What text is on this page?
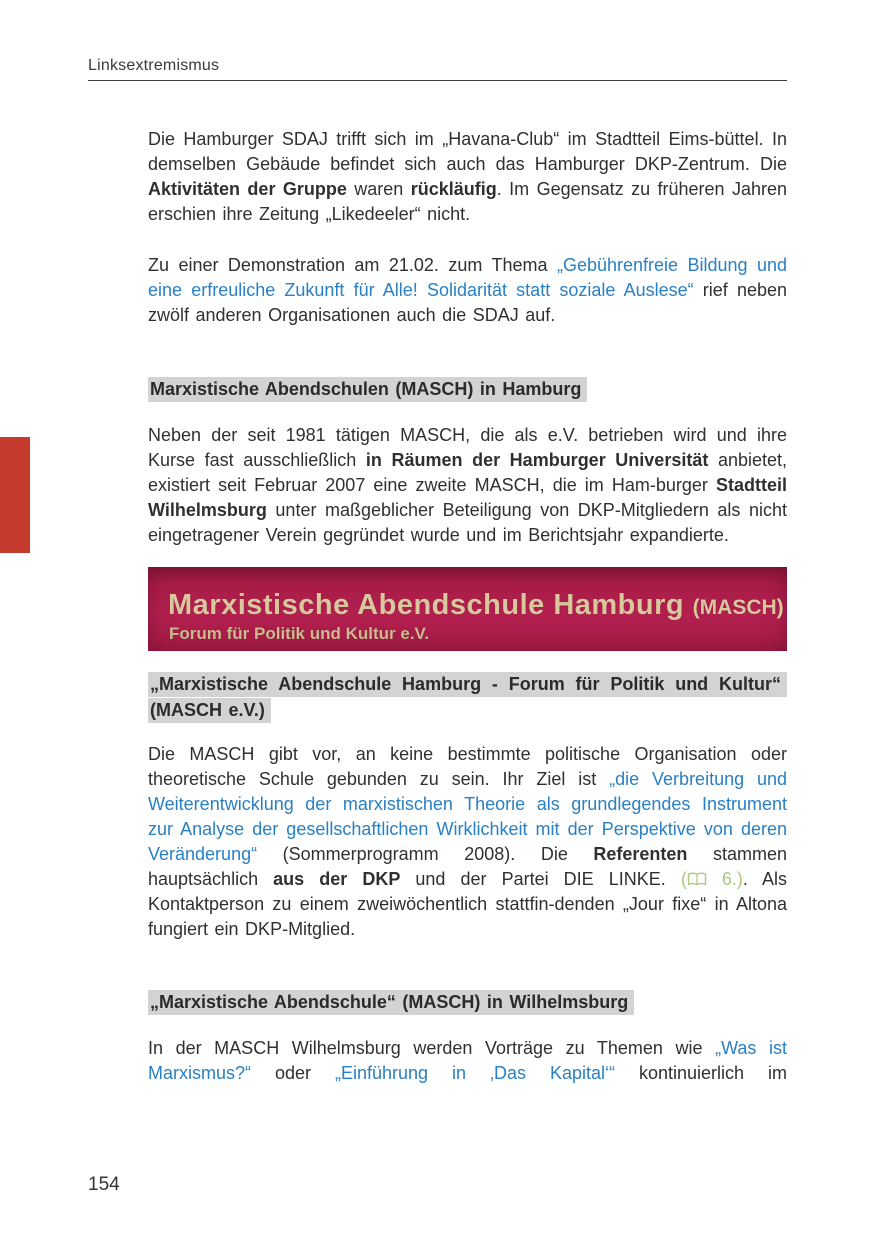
Linksextremismus

Die Hamburger SDAJ trifft sich im „Havana-Club“ im Stadtteil Eims-büttel. In demselben Gebäude befindet sich auch das Hamburger DKP-Zentrum. Die Aktivitäten der Gruppe waren rückläufig. Im Gegensatz zu früheren Jahren erschien ihre Zeitung „Likedeeler“ nicht.

Zu einer Demonstration am 21.02. zum Thema „Gebührenfreie Bildung und eine erfreuliche Zukunft für Alle! Solidarität statt soziale Auslese“ rief neben zwölf anderen Organisationen auch die SDAJ auf.

Marxistische Abendschulen (MASCH) in Hamburg

Neben der seit 1981 tätigen MASCH, die als e.V. betrieben wird und ihre Kurse fast ausschließlich in Räumen der Hamburger Universität anbietet, existiert seit Februar 2007 eine zweite MASCH, die im Ham-burger Stadtteil Wilhelmsburg unter maßgeblicher Beteiligung von DKP-Mitgliedern als nicht eingetragener Verein gegründet wurde und im Berichtsjahr expandierte.

Marxistische Abendschule Hamburg (MASCH)
Forum für Politik und Kultur e.V.
„Marxistische Abendschule Hamburg - Forum für Politik und Kultur“ (MASCH e.V.)

Die MASCH gibt vor, an keine bestimmte politische Organisation oder theoretische Schule gebunden zu sein. Ihr Ziel ist „die Verbreitung und Weiterentwicklung der marxistischen Theorie als grundlegendes Instrument zur Analyse der gesellschaftlichen Wirklichkeit mit der Perspektive von deren Veränderung“ (Sommerprogramm 2008). Die Referenten stammen hauptsächlich aus der DKP und der Partei DIE LINKE. ( 6.). Als Kontaktperson zu einem zweiwöchentlich stattfin-denden „Jour fixe“ in Altona fungiert ein DKP-Mitglied.

„Marxistische Abendschule“ (MASCH) in Wilhelmsburg

In der MASCH Wilhelmsburg werden Vorträge zu Themen wie „Was ist Marxismus?“ oder „Einführung in ‚Das Kapital‘“ kontinuierlich im

154
